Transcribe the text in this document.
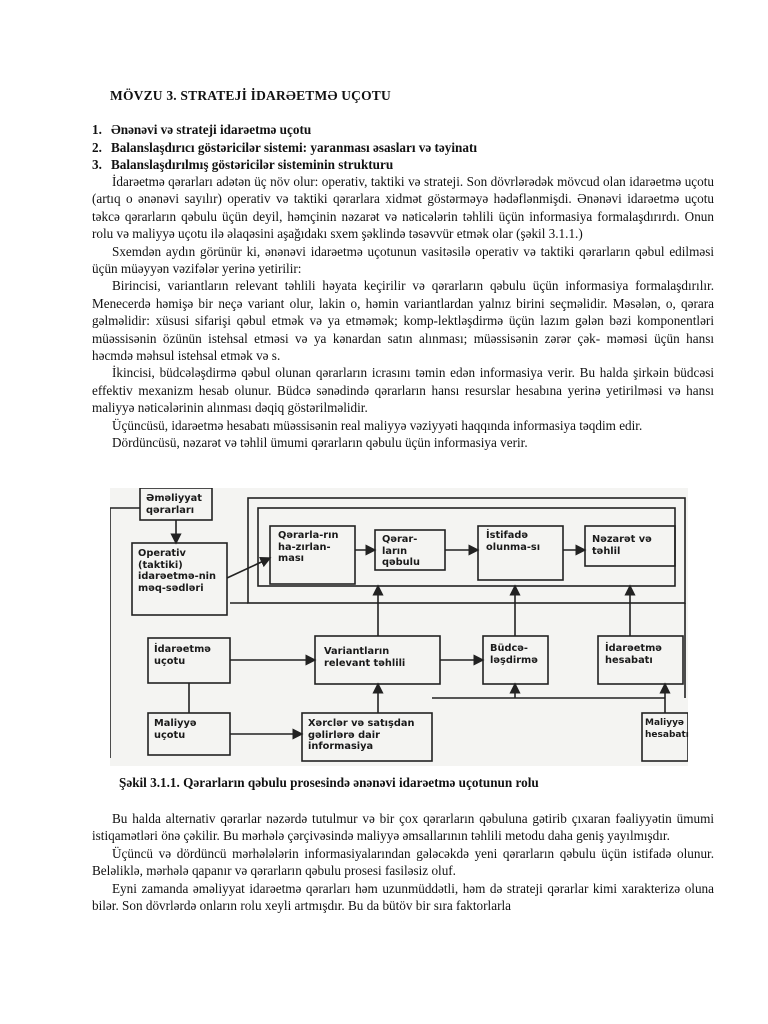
MÖVZU 3. STRATEJİ İDARƏETMƏ UÇOTU
1. Ənənəvi və strateji idarəetmə uçotu
2. Balanslaşdırıcı göstəricilər sistemi: yaranması əsasları və təyinatı
3. Balanslaşdırılmış göstəricilər sisteminin strukturu

İdarəetmə qərarları adətən üç növ olur: operativ, taktiki və strateji. Son dövrlərədək mövcud olan idarəetmə uçotu (artıq o ənənəvi sayılır) operativ və taktiki qərarlara xidmət göstərməyə hədəflənmişdi. Ənənəvi idarəetmə uçotu təkcə qərarların qəbulu üçün deyil, həmçinin nəzarət və nəticələrin təhlili üçün informasiya formalaşdırırdı. Onun rolu və maliyyə uçotu ilə əlaqəsini aşağıdakı sxem şəklində təsəvvür etmək olar (şəkil 3.1.1.)

Sxemdən aydın görünür ki, ənənəvi idarəetmə uçotunun vasitəsilə operativ və taktiki qərarların qəbul edilməsi üçün müəyyən vəzifələr yerinə yetirilir:

Birincisi, variantların relevant təhlili həyata keçirilir və qərarların qəbulu üçün informasiya formalaşdırılır. Menecerdə həmişə bir neçə variant olur, lakin o, həmin variantlardan yalnız birini seçməlidir. Məsələn, o, qərara gəlməlidir: xüsusi sifarişi qəbul etmək və ya etməmək; komp-lektləşdirmə üçün lazım gələn bəzi komponentləri müəssisənin özünün istehsal etməsi və ya kənardan satın alınması; müəssisənin zərər çək- məməsi üçün hansı həcmdə məhsul istehsal etmək və s.

İkincisi, büdcələşdirmə qəbul olunan qərarların icrasını təmin edən informasiya verir. Bu halda şirkəin büdcəsi effektiv mexanizm hesab olunur. Büdcə sənədində qərarların hansı resurslar hesabına yerinə yetirilməsi və hansı maliyyə nəticələrinin alınması dəqiq göstərilməlidir.

Üçüncüsü, idarəetmə hesabatı müəssisənin real maliyyə vəziyyəti haqqında informasiya təqdim edir.

Dördüncüsü, nəzarət və təhlil ümumi qərarların qəbulu üçün informasiya verir.

Əməliyyat qərarları
Operativ (taktiki) idarəetmə-nin məq-sədləri
Qərarla-rın ha-zırlan-ması
Qərar-ların qəbulu
İstifadə olunma-sı
Nəzarət və təhlil
İdarəetmə uçotu
Variantların relevant təhlili
Büdcə-ləşdirmə
İdarəetmə hesabatı
Maliyyə uçotu
Xərclər və satışdan gəlirlərə dair informasiya
Maliyyə hesabatı
Şəkil 3.1.1. Qərarların qəbulu prosesində ənənəvi idarəetmə uçotunun rolu

Bu halda alternativ qərarlar nəzərdə tutulmur və bir çox qərarların qəbuluna gətirib çıxaran fəaliyyətin ümumi istiqamətləri önə çəkilir. Bu mərhələ çərçivəsində maliyyə əmsallarının təhlili metodu daha geniş yayılmışdır.

Üçüncü və dördüncü mərhələlərin informasiyalarından gələcəkdə yeni qərarların qəbulu üçün istifadə olunur. Beləliklə, mərhələ qapanır və qərarların qəbulu prosesi fasiləsiz oluf.

Eyni zamanda əməliyyat idarəetmə qərarları həm uzunmüddətli, həm də strateji qərarlar kimi xarakterizə oluna bilər. Son dövrlərdə onların rolu xeyli artmışdır. Bu da bütöv bir sıra faktorlarla
